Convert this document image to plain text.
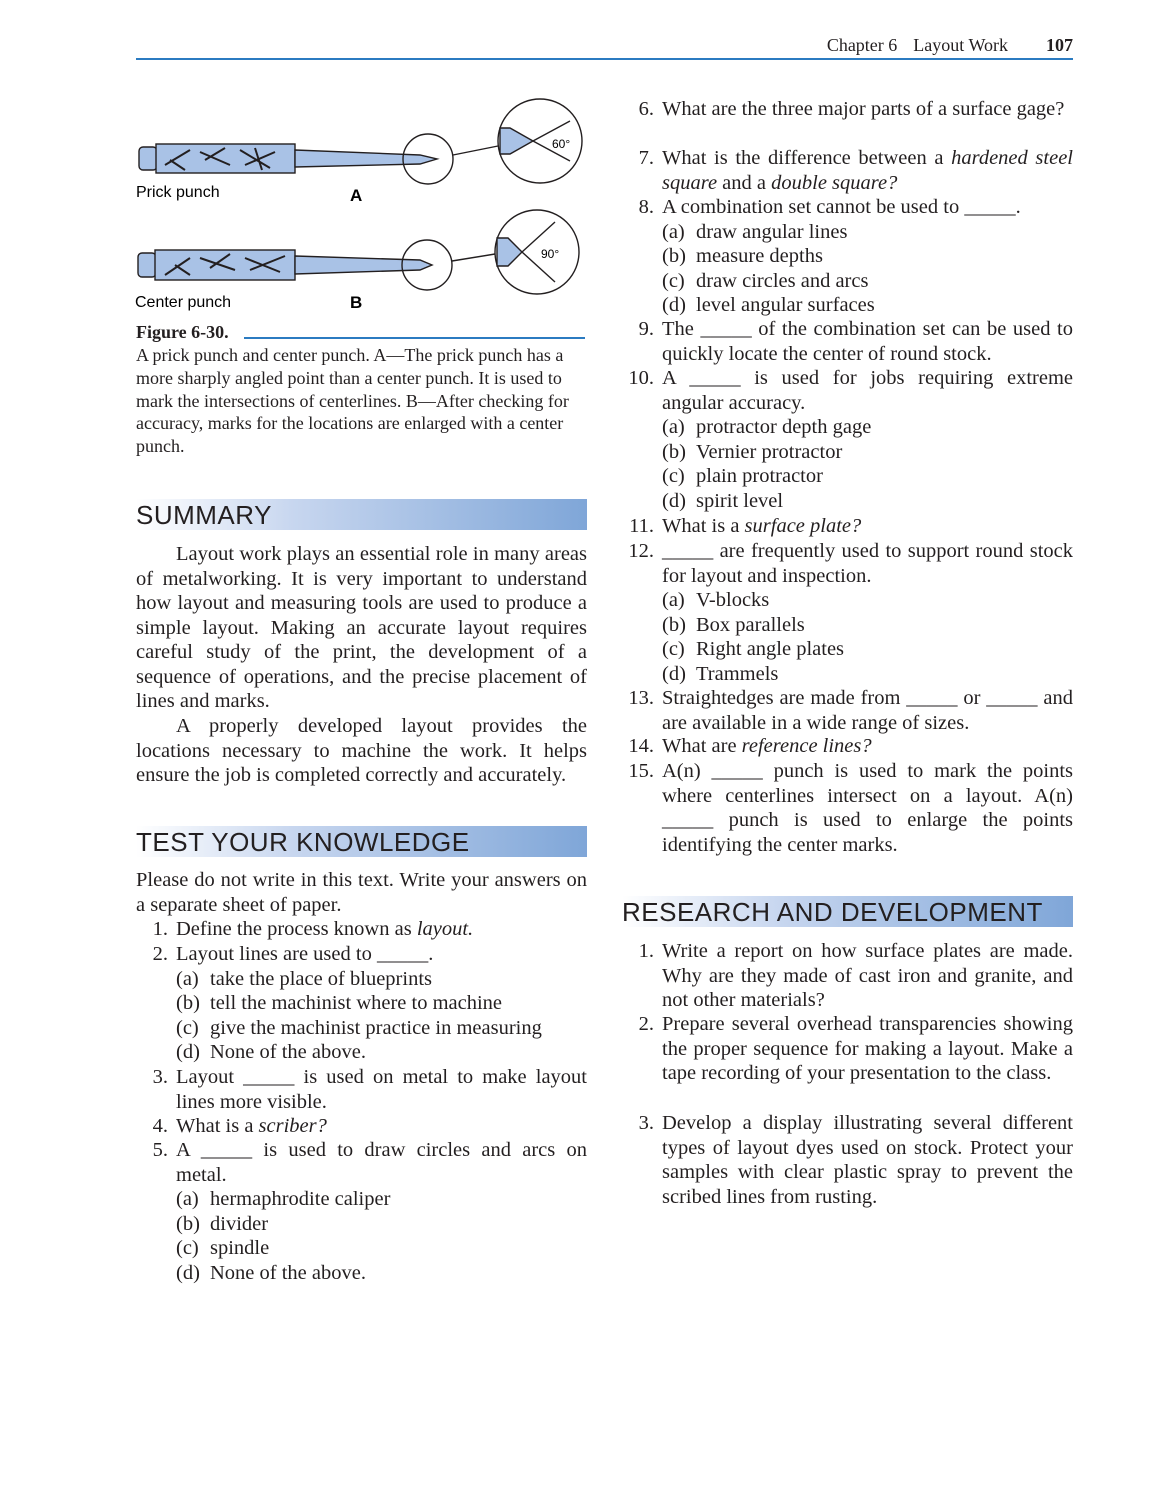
Chapter 6 Layout Work 107
60°
90°
Prick punch	A
Center punch	B
Figure 6-30.
A prick punch and center punch. A—The prick punch has a more sharply angled point than a center punch. It is used to mark the intersections of centerlines. B—After checking for accuracy, marks for the locations are enlarged with a center punch.
SUMMARY
Layout work plays an essential role in many areas of metalworking. It is very important to understand how layout and measuring tools are used to produce a simple layout. Making an accurate layout requires careful study of the print, the development of a sequence of operations, and the precise placement of lines and marks.
A properly developed layout provides the locations necessary to machine the work. It helps ensure the job is completed correctly and accurately.
TEST YOUR KNOWLEDGE
Please do not write in this text. Write your answers on a separate sheet of paper.
1. Define the process known as layout.
2. Layout lines are used to _____.
(a) take the place of blueprints
(b) tell the machinist where to machine
(c) give the machinist practice in measuring
(d) None of the above.
3. Layout _____ is used on metal to make layout lines more visible.
4. What is a scriber?
5. A _____ is used to draw circles and arcs on metal.
(a) hermaphrodite caliper
(b) divider
(c) spindle
(d) None of the above.
6. What are the three major parts of a surface gage?
7. What is the difference between a hardened steel square and a double square?
8. A combination set cannot be used to _____.
(a) draw angular lines
(b) measure depths
(c) draw circles and arcs
(d) level angular surfaces
9. The _____ of the combination set can be used to quickly locate the center of round stock.
10. A _____ is used for jobs requiring extreme angular accuracy.
(a) protractor depth gage
(b) Vernier protractor
(c) plain protractor
(d) spirit level
11. What is a surface plate?
12. _____ are frequently used to support round stock for layout and inspection.
(a) V-blocks
(b) Box parallels
(c) Right angle plates
(d) Trammels
13. Straightedges are made from _____ or _____ and are available in a wide range of sizes.
14. What are reference lines?
15. A(n) _____ punch is used to mark the points where centerlines intersect on a layout. A(n) _____ punch is used to enlarge the points identifying the center marks.
RESEARCH AND DEVELOPMENT
1. Write a report on how surface plates are made. Why are they made of cast iron and granite, and not other materials?
2. Prepare several overhead transparencies showing the proper sequence for making a layout. Make a tape recording of your presentation to the class.
3. Develop a display illustrating several different types of layout dyes used on stock. Protect your samples with clear plastic spray to prevent the scribed lines from rusting.
